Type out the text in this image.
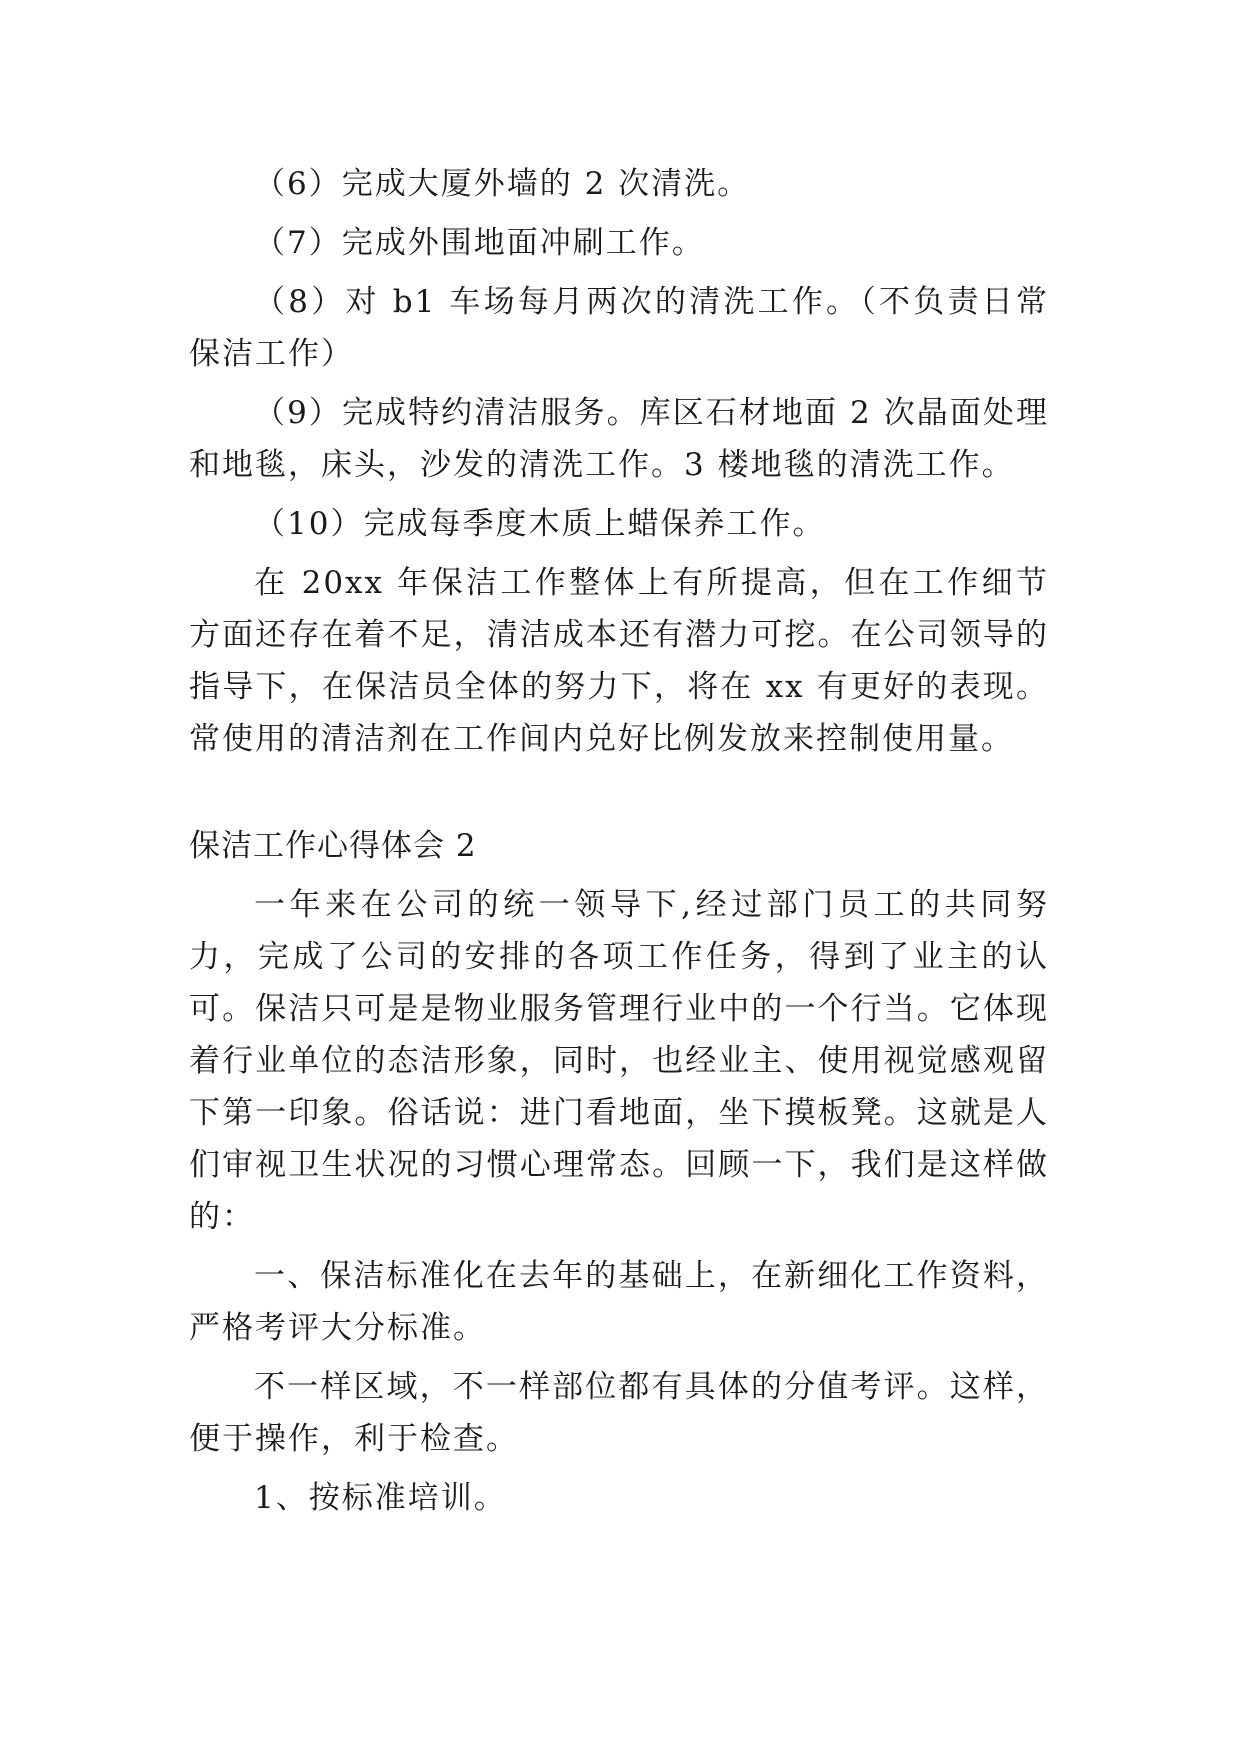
（6）完成大厦外墙的 2 次清洗。

（7）完成外围地面冲刷工作。

（8）对 b1 车场每月两次的清洗工作。（不负责日常保洁工作）

（9）完成特约清洁服务。库区石材地面 2 次晶面处理和地毯，床头，沙发的清洗工作。3 楼地毯的清洗工作。

（10）完成每季度木质上蜡保养工作。

在 20xx 年保洁工作整体上有所提高，但在工作细节方面还存在着不足，清洁成本还有潜力可挖。在公司领导的指导下，在保洁员全体的努力下，将在 xx 有更好的表现。常使用的清洁剂在工作间内兑好比例发放来控制使用量。

保洁工作心得体会 2

一年来在公司的统一领导下,经过部门员工的共同努力，完成了公司的安排的各项工作任务，得到了业主的认可。保洁只可是是物业服务管理行业中的一个行当。它体现着行业单位的态洁形象，同时，也经业主、使用视觉感观留下第一印象。俗话说：进门看地面，坐下摸板凳。这就是人们审视卫生状况的习惯心理常态。回顾一下，我们是这样做的：

一、保洁标准化在去年的基础上，在新细化工作资料，严格考评大分标准。

不一样区域，不一样部位都有具体的分值考评。这样，便于操作，利于检查。

1、按标准培训。
